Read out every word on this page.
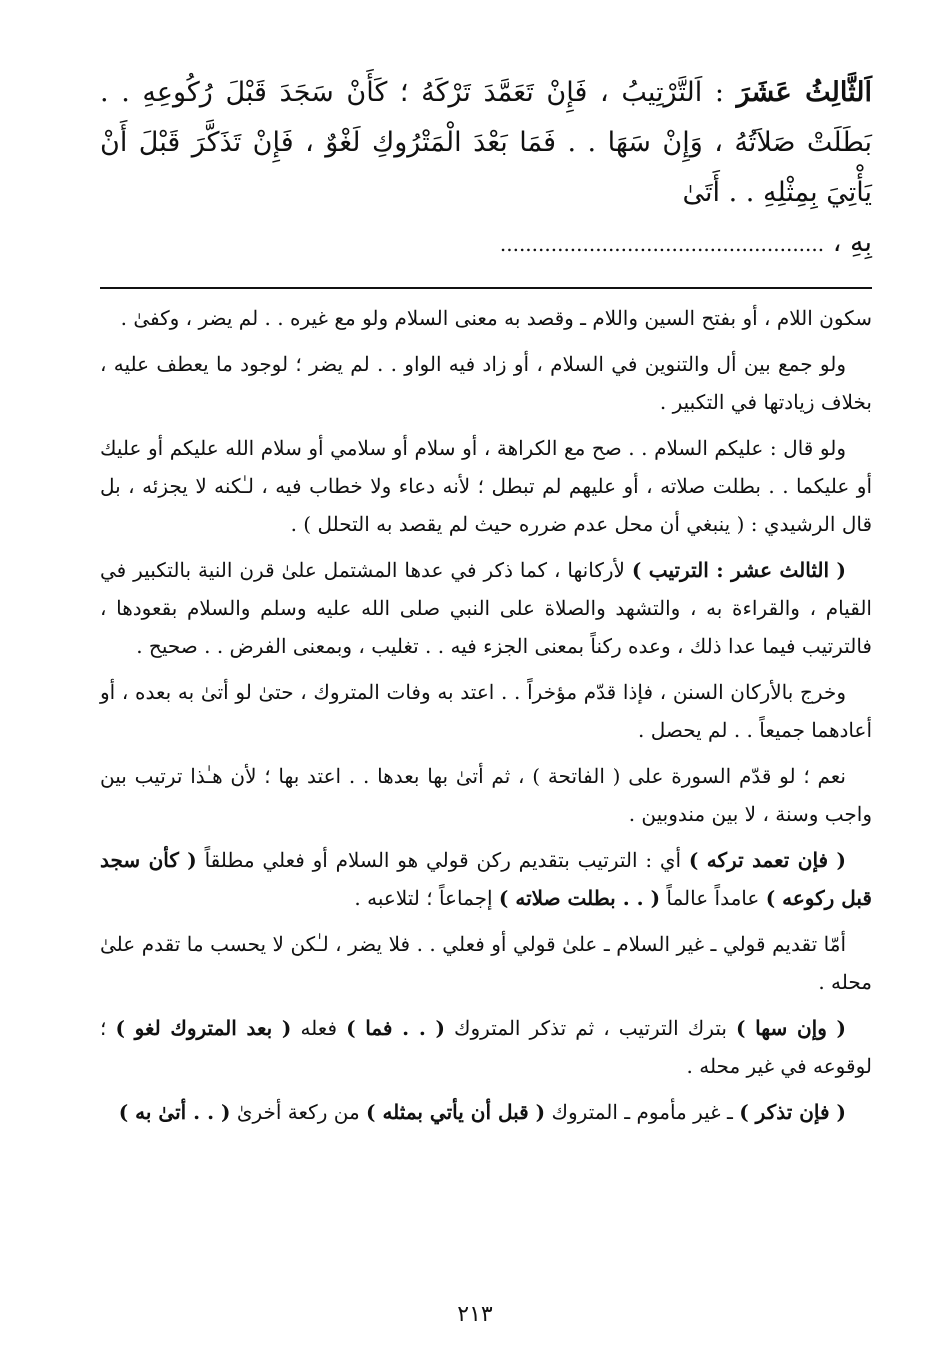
اَلثَّالِثُ عَشَرَ : اَلتَّرْتِيبُ ، فَإِنْ تَعَمَّدَ تَرْكَهُ ؛ كَأَنْ سَجَدَ قَبْلَ رُكُوعِهِ . . بَطَلَتْ صَلاَتُهُ ، وَإِنْ سَهَا . . فَمَا بَعْدَ الْمَتْرُوكِ لَغْوٌ ، فَإِنْ تَذَكَّرَ قَبْلَ أَنْ يَأْتِيَ بِمِثْلِهِ . . أَتَىٰ
بِهِ ، ...................................................

سكون اللام ، أو بفتح السين واللام ـ وقصد به معنى السلام ولو مع غيره . . لم يضر ، وكفىٰ .

ولو جمع بين أل والتنوين في السلام ، أو زاد فيه الواو . . لم يضر ؛ لوجود ما يعطف عليه ، بخلاف زيادتها في التكبير .

ولو قال : عليكم السلام . . صح مع الكراهة ، أو سلام أو سلامي أو سلام الله عليكم أو عليك أو عليكما . . بطلت صلاته ، أو عليهم لم تبطل ؛ لأنه دعاء ولا خطاب فيه ، لـٰكنه لا يجزئه ، بل قال الرشيدي : ( ينبغي أن محل عدم ضرره حيث لم يقصد به التحلل ) .

( الثالث عشر : الترتيب ) لأركانها ، كما ذكر في عدها المشتمل علىٰ قرن النية بالتكبير في القيام ، والقراءة به ، والتشهد والصلاة على النبي صلى الله عليه وسلم والسلام بقعودها ، فالترتيب فيما عدا ذلك ، وعده ركناً بمعنى الجزء فيه . . تغليب ، وبمعنى الفرض . . صحيح .

وخرج بالأركان السنن ، فإذا قدّم مؤخراً . . اعتد به وفات المتروك ، حتىٰ لو أتىٰ به بعده ، أو أعادهما جميعاً . . لم يحصل .

نعم ؛ لو قدّم السورة على ( الفاتحة ) ، ثم أتىٰ بها بعدها . . اعتد بها ؛ لأن هـٰذا ترتيب بين واجب وسنة ، لا بين مندوبين .

( فإن تعمد تركه ) أي : الترتيب بتقديم ركن قولي هو السلام أو فعلي مطلقاً ( كأن سجد قبل ركوعه ) عامداً عالماً ( . . بطلت صلاته ) إجماعاً ؛ لتلاعبه .

أمّا تقديم قولي ـ غير السلام ـ علىٰ قولي أو فعلي . . فلا يضر ، لـٰكن لا يحسب ما تقدم علىٰ محله .

( وإن سها ) بترك الترتيب ، ثم تذكر المتروك ( . . فما ) فعله ( بعد المتروك لغو ) ؛ لوقوعه في غير محله .

( فإن تذكر ) ـ غير مأموم ـ المتروك ( قبل أن يأتي بمثله ) من ركعة أخرىٰ ( . . أتىٰ به )

٢١٣
